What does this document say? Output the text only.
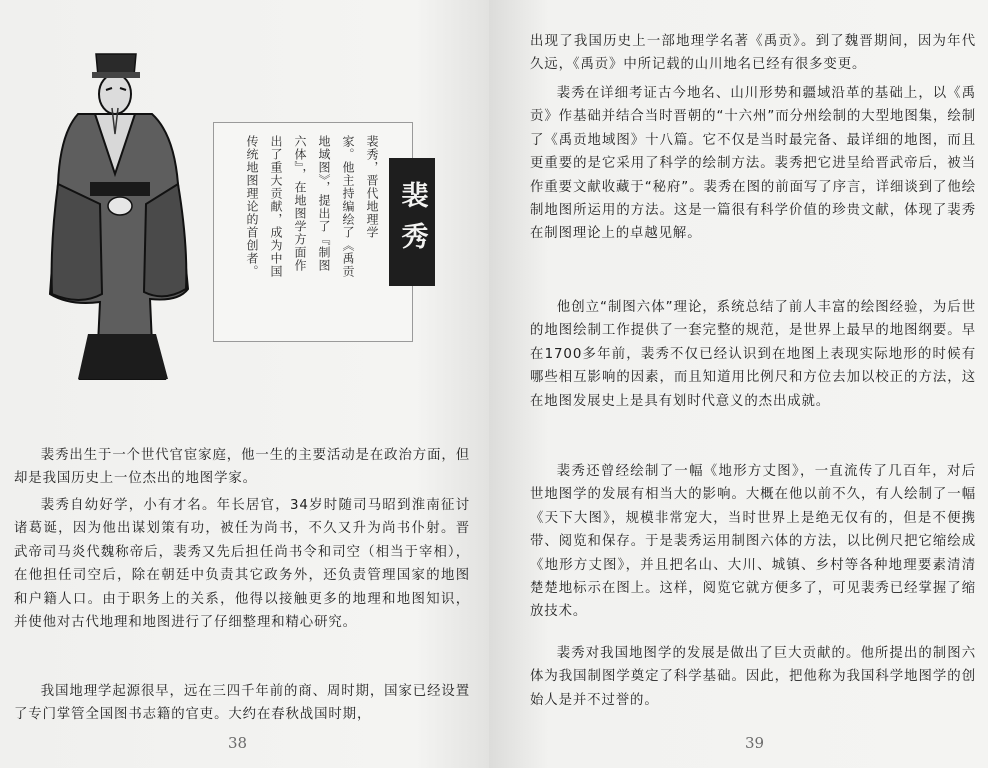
裴秀
裴秀，晋代地理学
家。他主持编绘了《禹贡
地域图》，提出了『制图
六体』，在地图学方面作
出了重大贡献，成为中国
传统地图理论的首创者。

裴秀出生于一个世代官宦家庭，他一生的主要活动是在政治方面，但却是我国历史上一位杰出的地图学家。

裴秀自幼好学，小有才名。年长居官，34岁时随司马昭到淮南征讨诸葛诞，因为他出谋划策有功，被任为尚书，不久又升为尚书仆射。晋武帝司马炎代魏称帝后，裴秀又先后担任尚书令和司空（相当于宰相），在他担任司空后，除在朝廷中负责其它政务外，还负责管理国家的地图和户籍人口。由于职务上的关系，他得以接触更多的地理和地图知识，并使他对古代地理和地图进行了仔细整理和精心研究。

我国地理学起源很早，远在三四千年前的商、周时期，国家已经设置了专门掌管全国图书志籍的官吏。大约在春秋战国时期，

38	39

出现了我国历史上一部地理学名著《禹贡》。到了魏晋期间，因为年代久远，《禹贡》中所记载的山川地名已经有很多变更。

裴秀在详细考证古今地名、山川形势和疆域沿革的基础上，以《禹贡》作基础并结合当时晋朝的“十六州”而分州绘制的大型地图集，绘制了《禹贡地域图》十八篇。它不仅是当时最完备、最详细的地图，而且更重要的是它采用了科学的绘制方法。裴秀把它进呈给晋武帝后，被当作重要文献收藏于“秘府”。裴秀在图的前面写了序言，详细谈到了他绘制地图所运用的方法。这是一篇很有科学价值的珍贵文献，体现了裴秀在制图理论上的卓越见解。

他创立“制图六体”理论，系统总结了前人丰富的绘图经验，为后世的地图绘制工作提供了一套完整的规范，是世界上最早的地图纲要。早在1700多年前，裴秀不仅已经认识到在地图上表现实际地形的时候有哪些相互影响的因素，而且知道用比例尺和方位去加以校正的方法，这在地图发展史上是具有划时代意义的杰出成就。

裴秀还曾经绘制了一幅《地形方丈图》，一直流传了几百年，对后世地图学的发展有相当大的影响。大概在他以前不久，有人绘制了一幅《天下大图》，规模非常宠大，当时世界上是绝无仅有的，但是不便携带、阅览和保存。于是裴秀运用制图六体的方法，以比例尺把它缩绘成《地形方丈图》，并且把名山、大川、城镇、乡村等各种地理要素清清楚楚地标示在图上。这样，阅览它就方便多了，可见裴秀已经掌握了缩放技术。

裴秀对我国地图学的发展是做出了巨大贡献的。他所提出的制图六体为我国制图学奠定了科学基础。因此，把他称为我国科学地图学的创始人是并不过誉的。
